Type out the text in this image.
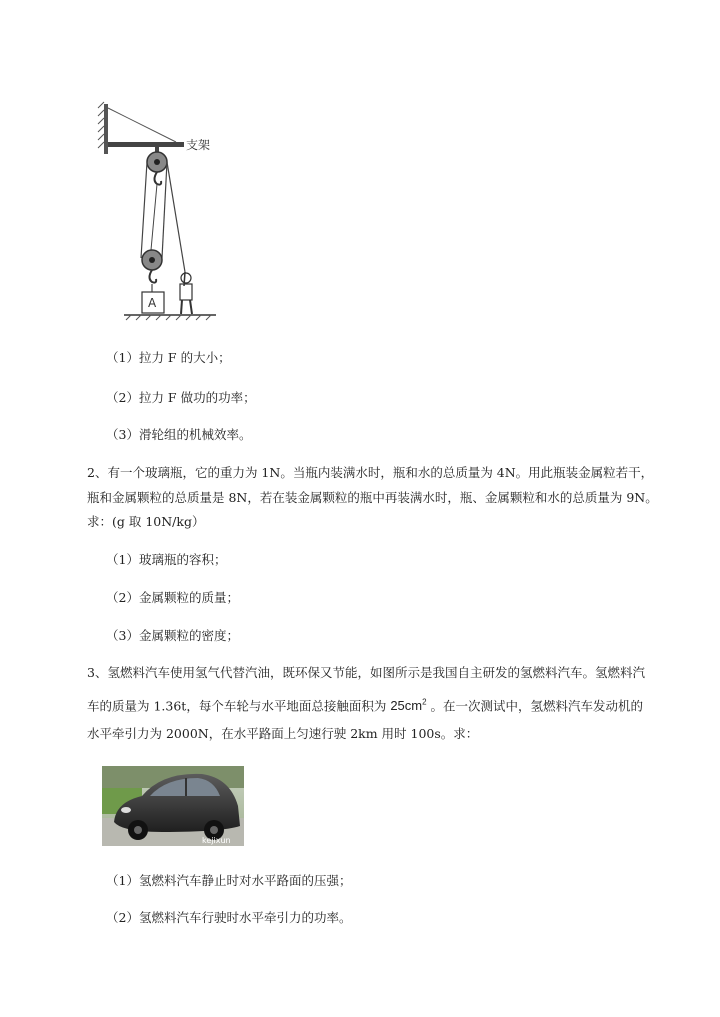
支架
A
（1）拉力 F 的大小；
（2）拉力 F 做功的功率；
（3）滑轮组的机械效率。
2、有一个玻璃瓶，它的重力为 1N。当瓶内装满水时，瓶和水的总质量为 4N。用此瓶装金属粒若干，
瓶和金属颗粒的总质量是 8N，若在装金属颗粒的瓶中再装满水时，瓶、金属颗粒和水的总质量为 9N。
求：(g 取 10N/kg）
（1）玻璃瓶的容积；
（2）金属颗粒的质量；
（3）金属颗粒的密度；
3、氢燃料汽车使用氢气代替汽油，既环保又节能，如图所示是我国自主研发的氢燃料汽车。氢燃料汽
车的质量为 1.36t，每个车轮与水平地面总接触面积为 $25cm^2$ 。在一次测试中，氢燃料汽车发动机的
水平牵引力为 2000N，在水平路面上匀速行驶 2km 用时 100s。求：
kejixun
（1）氢燃料汽车静止时对水平路面的压强；
（2）氢燃料汽车行驶时水平牵引力的功率。
